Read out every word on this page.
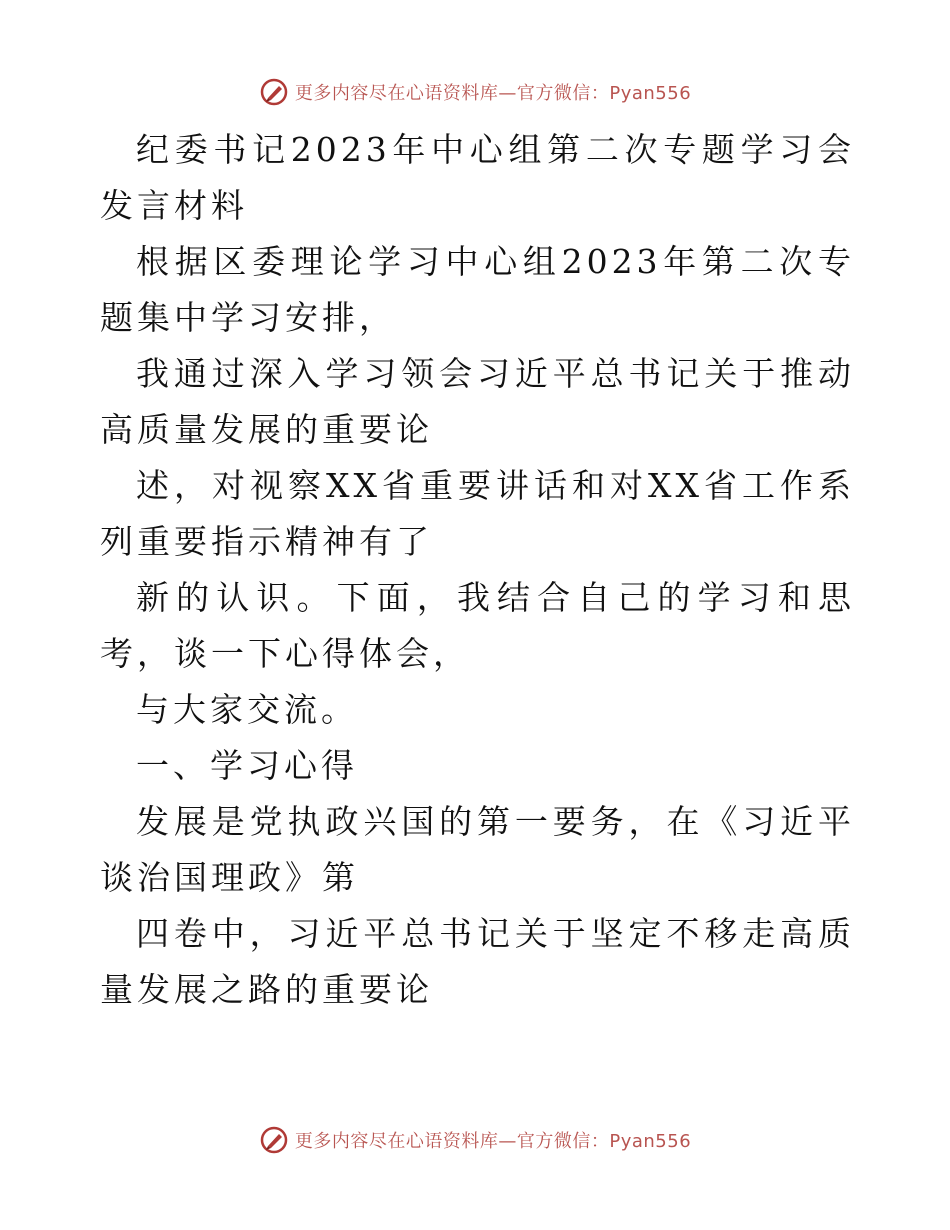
更多内容尽在心语资料库—官方微信：Pyan556

纪委书记2023年中心组第二次专题学习会发言材料

根据区委理论学习中心组2023年第二次专题集中学习安排，

我通过深入学习领会习近平总书记关于推动高质量发展的重要论

述，对视察XX省重要讲话和对XX省工作系列重要指示精神有了

新的认识。下面，我结合自己的学习和思考，谈一下心得体会，

与大家交流。

一、学习心得

发展是党执政兴国的第一要务，在《习近平谈治国理政》第

四卷中，习近平总书记关于坚定不移走高质量发展之路的重要论

更多内容尽在心语资料库—官方微信：Pyan556
